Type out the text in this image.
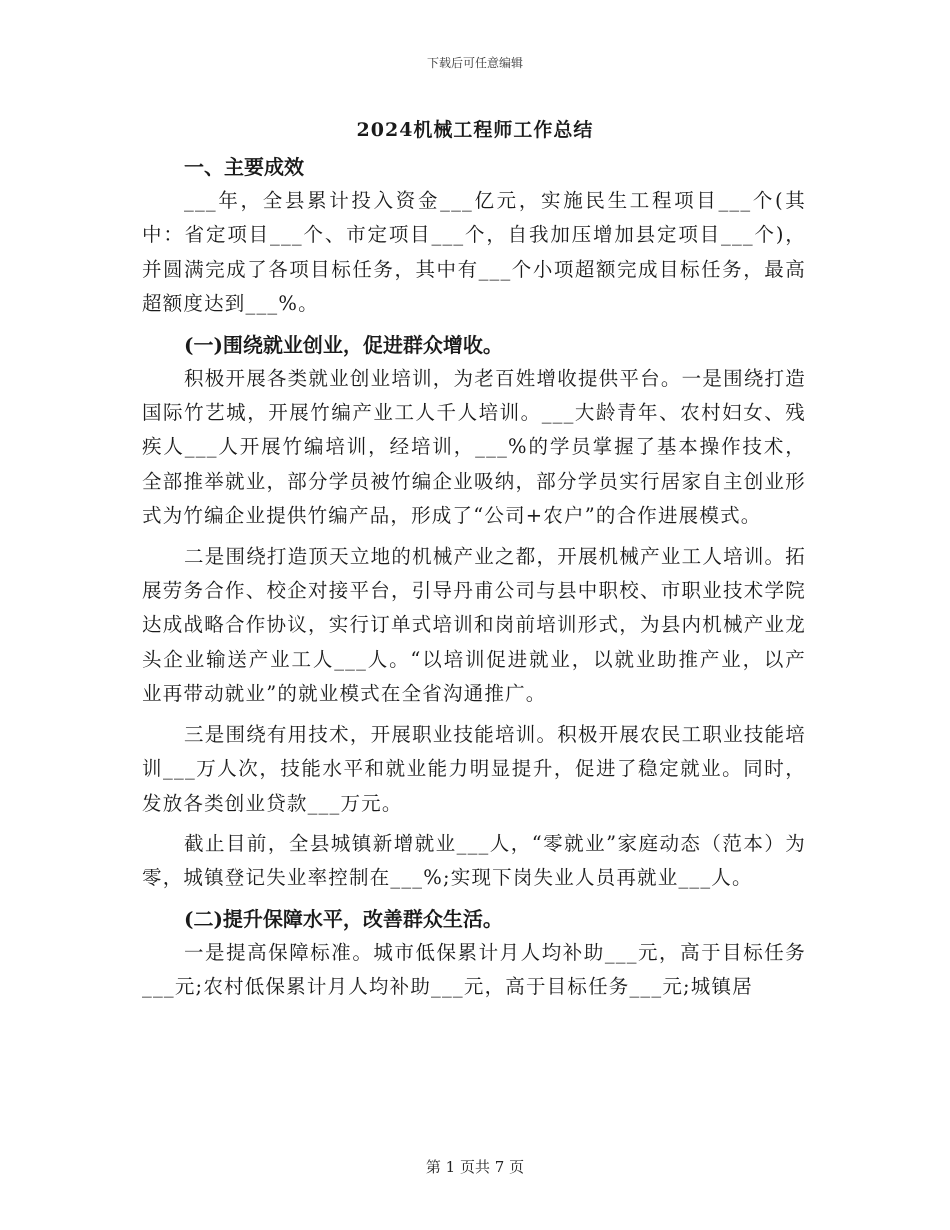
下载后可任意编辑
2024机械工程师工作总结
一、主要成效

___年，全县累计投入资金___亿元，实施民生工程项目___个(其中：省定项目___个、市定项目___个，自我加压增加县定项目___个)，并圆满完成了各项目标任务，其中有___个小项超额完成目标任务，最高超额度达到___%。

(一)围绕就业创业，促进群众增收。

积极开展各类就业创业培训，为老百姓增收提供平台。一是围绕打造国际竹艺城，开展竹编产业工人千人培训。___大龄青年、农村妇女、残疾人___人开展竹编培训，经培训，___%的学员掌握了基本操作技术，全部推举就业，部分学员被竹编企业吸纳，部分学员实行居家自主创业形式为竹编企业提供竹编产品，形成了“公司+农户”的合作进展模式。

二是围绕打造顶天立地的机械产业之都，开展机械产业工人培训。拓展劳务合作、校企对接平台，引导丹甫公司与县中职校、市职业技术学院达成战略合作协议，实行订单式培训和岗前培训形式，为县内机械产业龙头企业输送产业工人___人。“以培训促进就业，以就业助推产业，以产业再带动就业”的就业模式在全省沟通推广。

三是围绕有用技术，开展职业技能培训。积极开展农民工职业技能培训___万人次，技能水平和就业能力明显提升，促进了稳定就业。同时，发放各类创业贷款___万元。

截止目前，全县城镇新增就业___人，“零就业”家庭动态（范本）为零，城镇登记失业率控制在___%;实现下岗失业人员再就业___人。

(二)提升保障水平，改善群众生活。

一是提高保障标准。城市低保累计月人均补助___元，高于目标任务___元;农村低保累计月人均补助___元，高于目标任务___元;城镇居

第 1 页共 7 页
